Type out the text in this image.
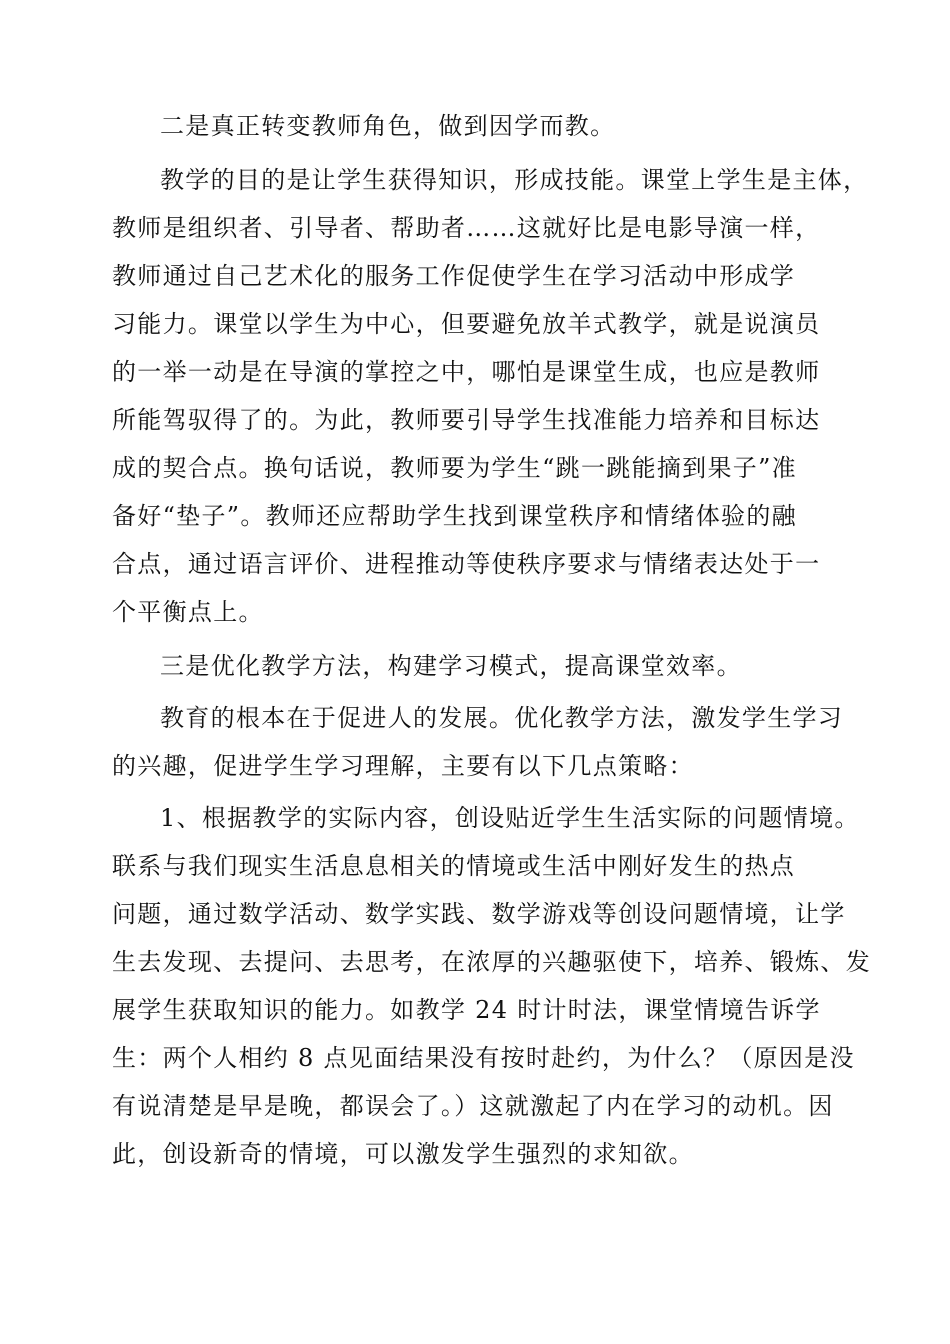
二是真正转变教师角色，做到因学而教。
教学的目的是让学生获得知识，形成技能。课堂上学生是主体，
教师是组织者、引导者、帮助者……这就好比是电影导演一样，
教师通过自己艺术化的服务工作促使学生在学习活动中形成学
习能力。课堂以学生为中心，但要避免放羊式教学，就是说演员
的一举一动是在导演的掌控之中，哪怕是课堂生成，也应是教师
所能驾驭得了的。为此，教师要引导学生找准能力培养和目标达
成的契合点。换句话说，教师要为学生“跳一跳能摘到果子”准
备好“垫子”。教师还应帮助学生找到课堂秩序和情绪体验的融
合点，通过语言评价、进程推动等使秩序要求与情绪表达处于一
个平衡点上。
三是优化教学方法，构建学习模式，提高课堂效率。
教育的根本在于促进人的发展。优化教学方法，激发学生学习
的兴趣，促进学生学习理解，主要有以下几点策略：
1、根据教学的实际内容，创设贴近学生生活实际的问题情境。
联系与我们现实生活息息相关的情境或生活中刚好发生的热点
问题，通过数学活动、数学实践、数学游戏等创设问题情境，让学
生去发现、去提问、去思考，在浓厚的兴趣驱使下，培养、锻炼、发
展学生获取知识的能力。如教学 24 时计时法，课堂情境告诉学
生：两个人相约 8 点见面结果没有按时赴约，为什么？（原因是没
有说清楚是早是晚，都误会了。）这就激起了内在学习的动机。因
此，创设新奇的情境，可以激发学生强烈的求知欲。
